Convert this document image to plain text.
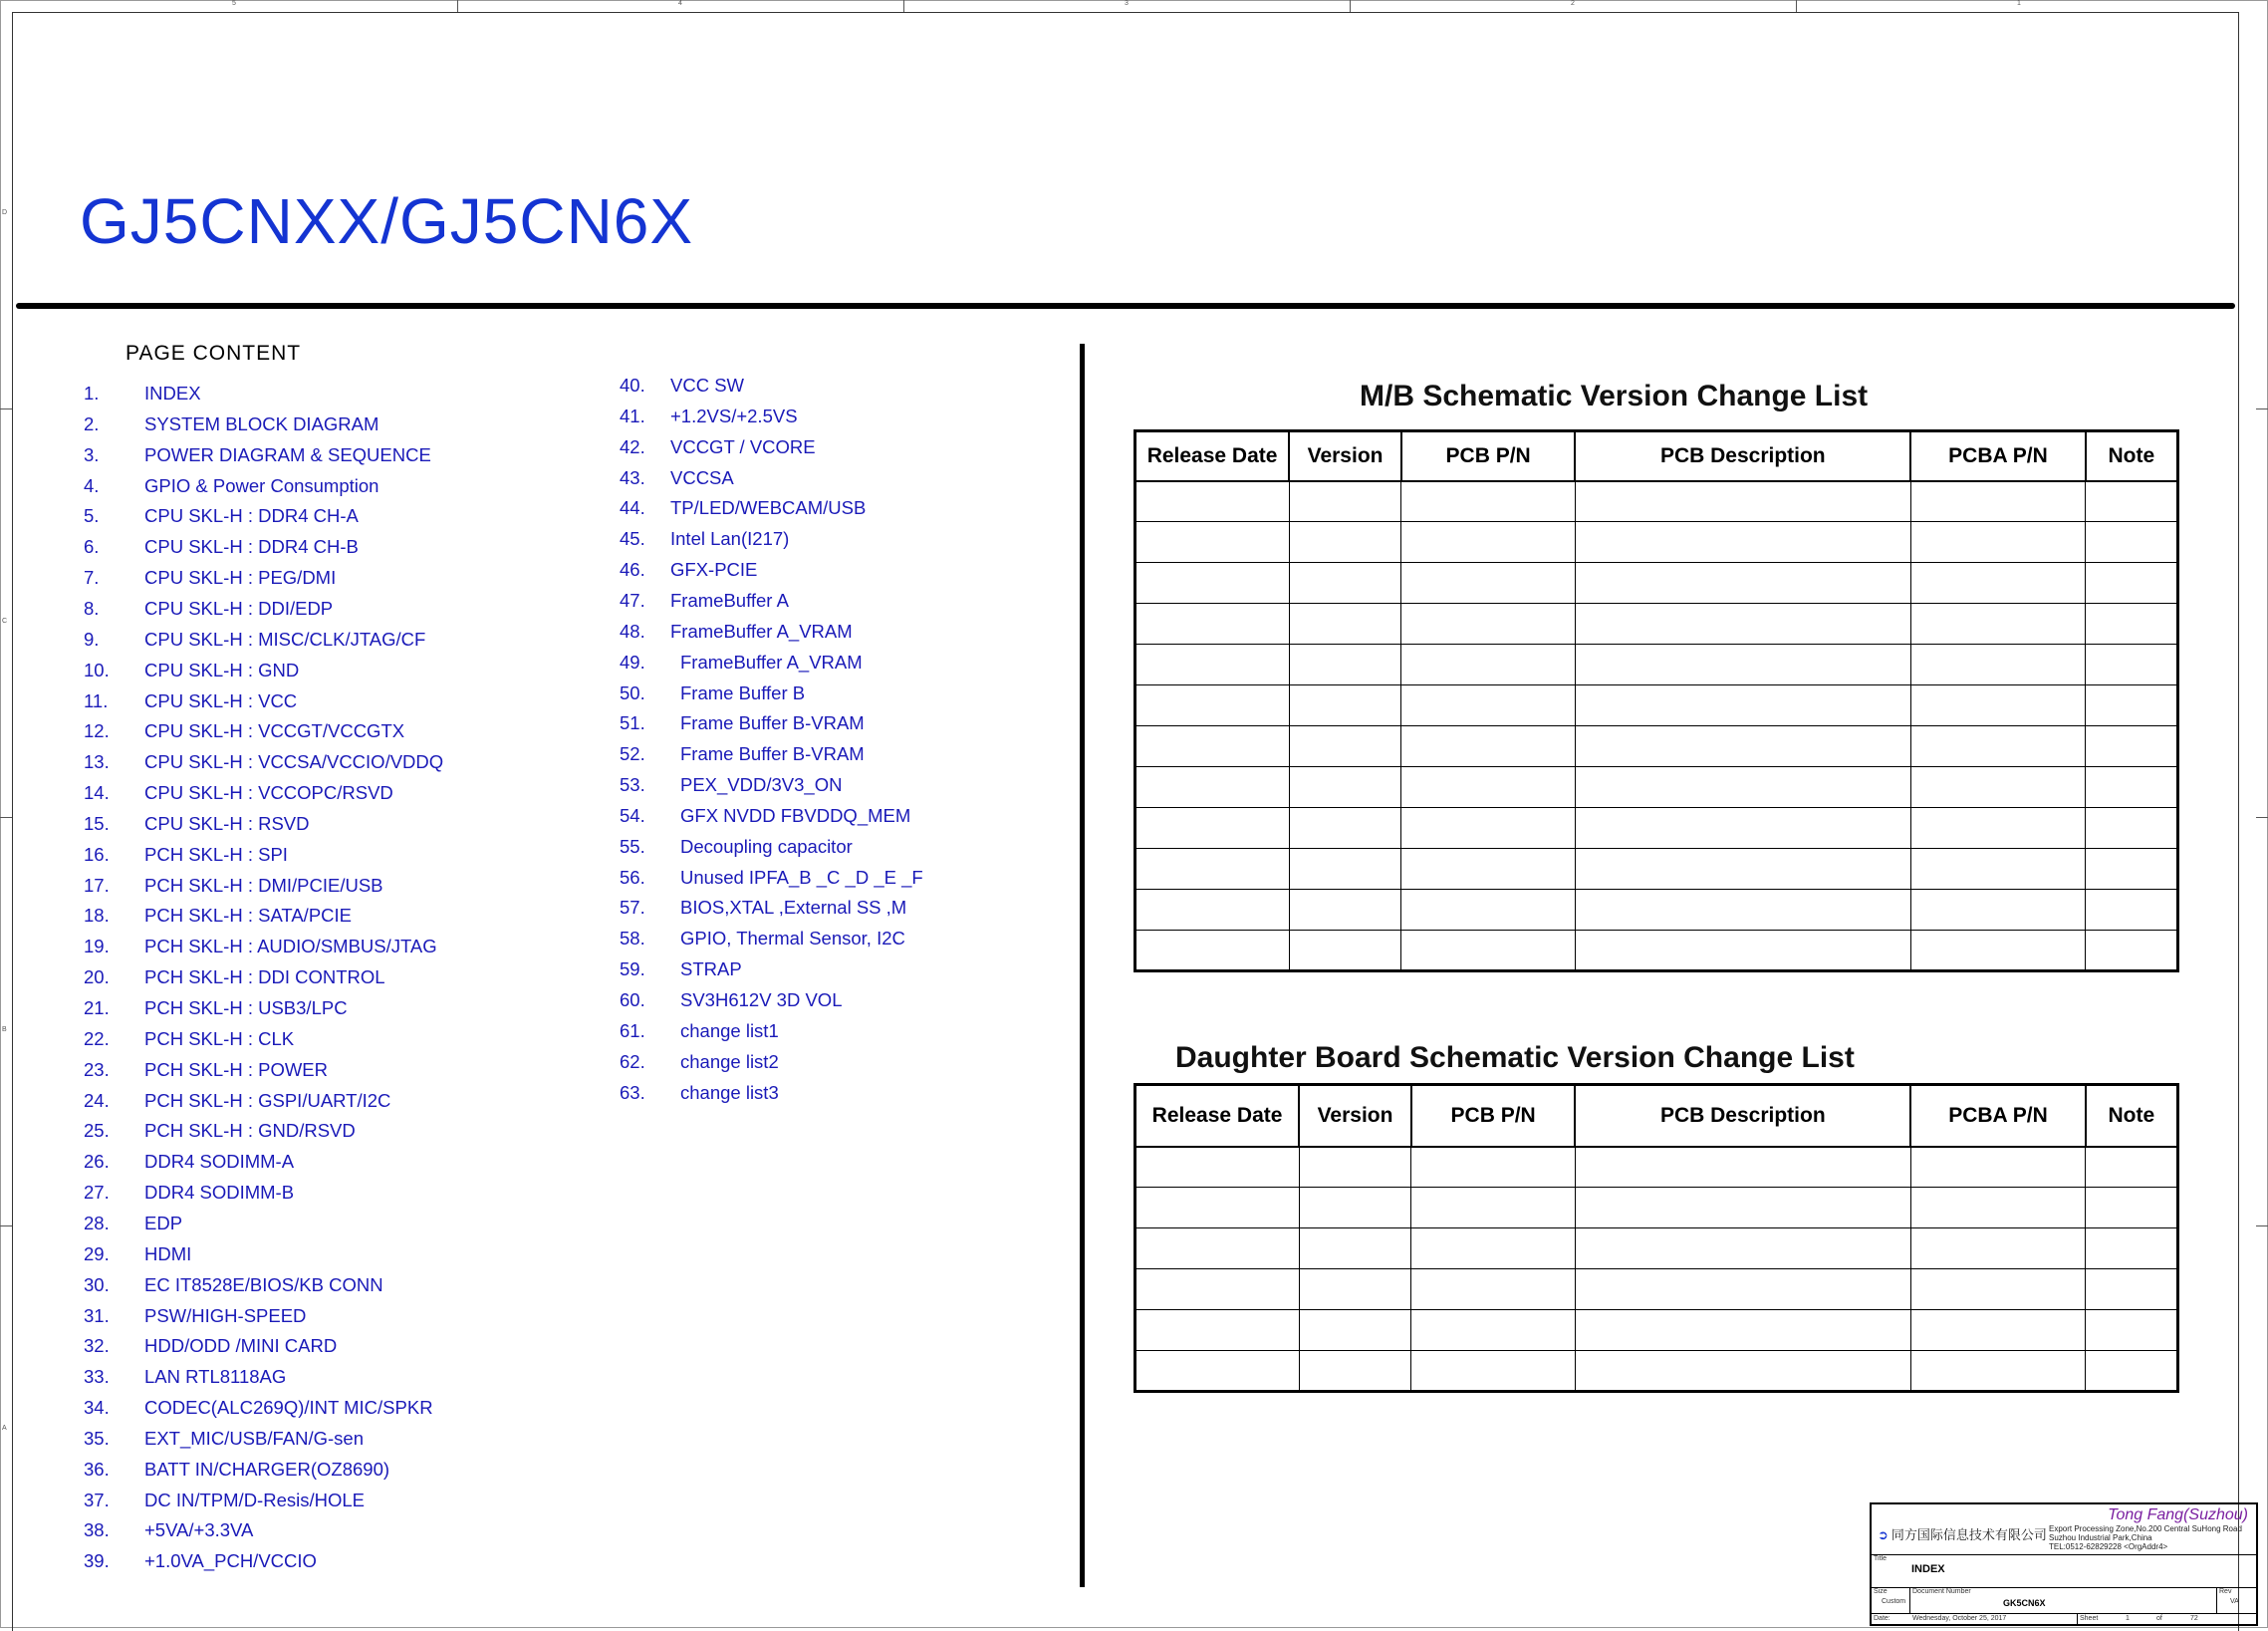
5	4	3	2	1
D
C
B
A
GJ5CNXX/GJ5CN6X
PAGE CONTENT
1. INDEX
2. SYSTEM BLOCK DIAGRAM
3. POWER DIAGRAM & SEQUENCE
4. GPIO & Power Consumption
5. CPU SKL-H : DDR4 CH-A
6. CPU SKL-H : DDR4 CH-B
7. CPU SKL-H : PEG/DMI
8. CPU SKL-H : DDI/EDP
9. CPU SKL-H : MISC/CLK/JTAG/CF
10. CPU SKL-H : GND
11. CPU SKL-H : VCC
12. CPU SKL-H : VCCGT/VCCGTX
13. CPU SKL-H : VCCSA/VCCIO/VDDQ
14. CPU SKL-H : VCCOPC/RSVD
15. CPU SKL-H : RSVD
16. PCH SKL-H : SPI
17. PCH SKL-H : DMI/PCIE/USB
18. PCH SKL-H : SATA/PCIE
19. PCH SKL-H : AUDIO/SMBUS/JTAG
20. PCH SKL-H : DDI CONTROL
21. PCH SKL-H : USB3/LPC
22. PCH SKL-H : CLK
23. PCH SKL-H : POWER
24. PCH SKL-H : GSPI/UART/I2C
25. PCH SKL-H : GND/RSVD
26. DDR4 SODIMM-A
27. DDR4 SODIMM-B
28. EDP
29. HDMI
30. EC IT8528E/BIOS/KB CONN
31. PSW/HIGH-SPEED
32. HDD/ODD /MINI CARD
33. LAN RTL8118AG
34. CODEC(ALC269Q)/INT MIC/SPKR
35. EXT_MIC/USB/FAN/G-sen
36. BATT IN/CHARGER(OZ8690)
37. DC IN/TPM/D-Resis/HOLE
38. +5VA/+3.3VA
39. +1.0VA_PCH/VCCIO
40. VCC SW
41. +1.2VS/+2.5VS
42. VCCGT / VCORE
43. VCCSA
44. TP/LED/WEBCAM/USB
45. Intel Lan(I217)
46. GFX-PCIE
47. FrameBuffer A
48. FrameBuffer A_VRAM
49. FrameBuffer A_VRAM
50. Frame Buffer B
51. Frame Buffer B-VRAM
52. Frame Buffer B-VRAM
53. PEX_VDD/3V3_ON
54. GFX NVDD FBVDDQ_MEM
55. Decoupling capacitor
56. Unused IPFA_B _C _D _E _F
57. BIOS,XTAL ,External SS ,M
58. GPIO, Thermal Sensor, I2C
59. STRAP
60. SV3H612V 3D VOL
61. change list1
62. change list2
63. change list3
M/B Schematic Version Change List
Release Date	Version	PCB P/N	PCB Description	PCBA P/N	Note

Daughter Board Schematic Version Change List
Release Date	Version	PCB P/N	PCB Description	PCBA P/N	Note

Tong Fang(Suzhou)
➲ 同方国际信息技术有限公司 Export Processing Zone,No.200 Central SuHong Road
Suzhou Industrial Park,China
TEL:0512-62829228 <OrgAddr4>
Title
INDEX
Size
Custom
Document Number
GK5CN6X
Rev
VA
Date:	Wednesday, October 25, 2017	Sheet	1	of	72
